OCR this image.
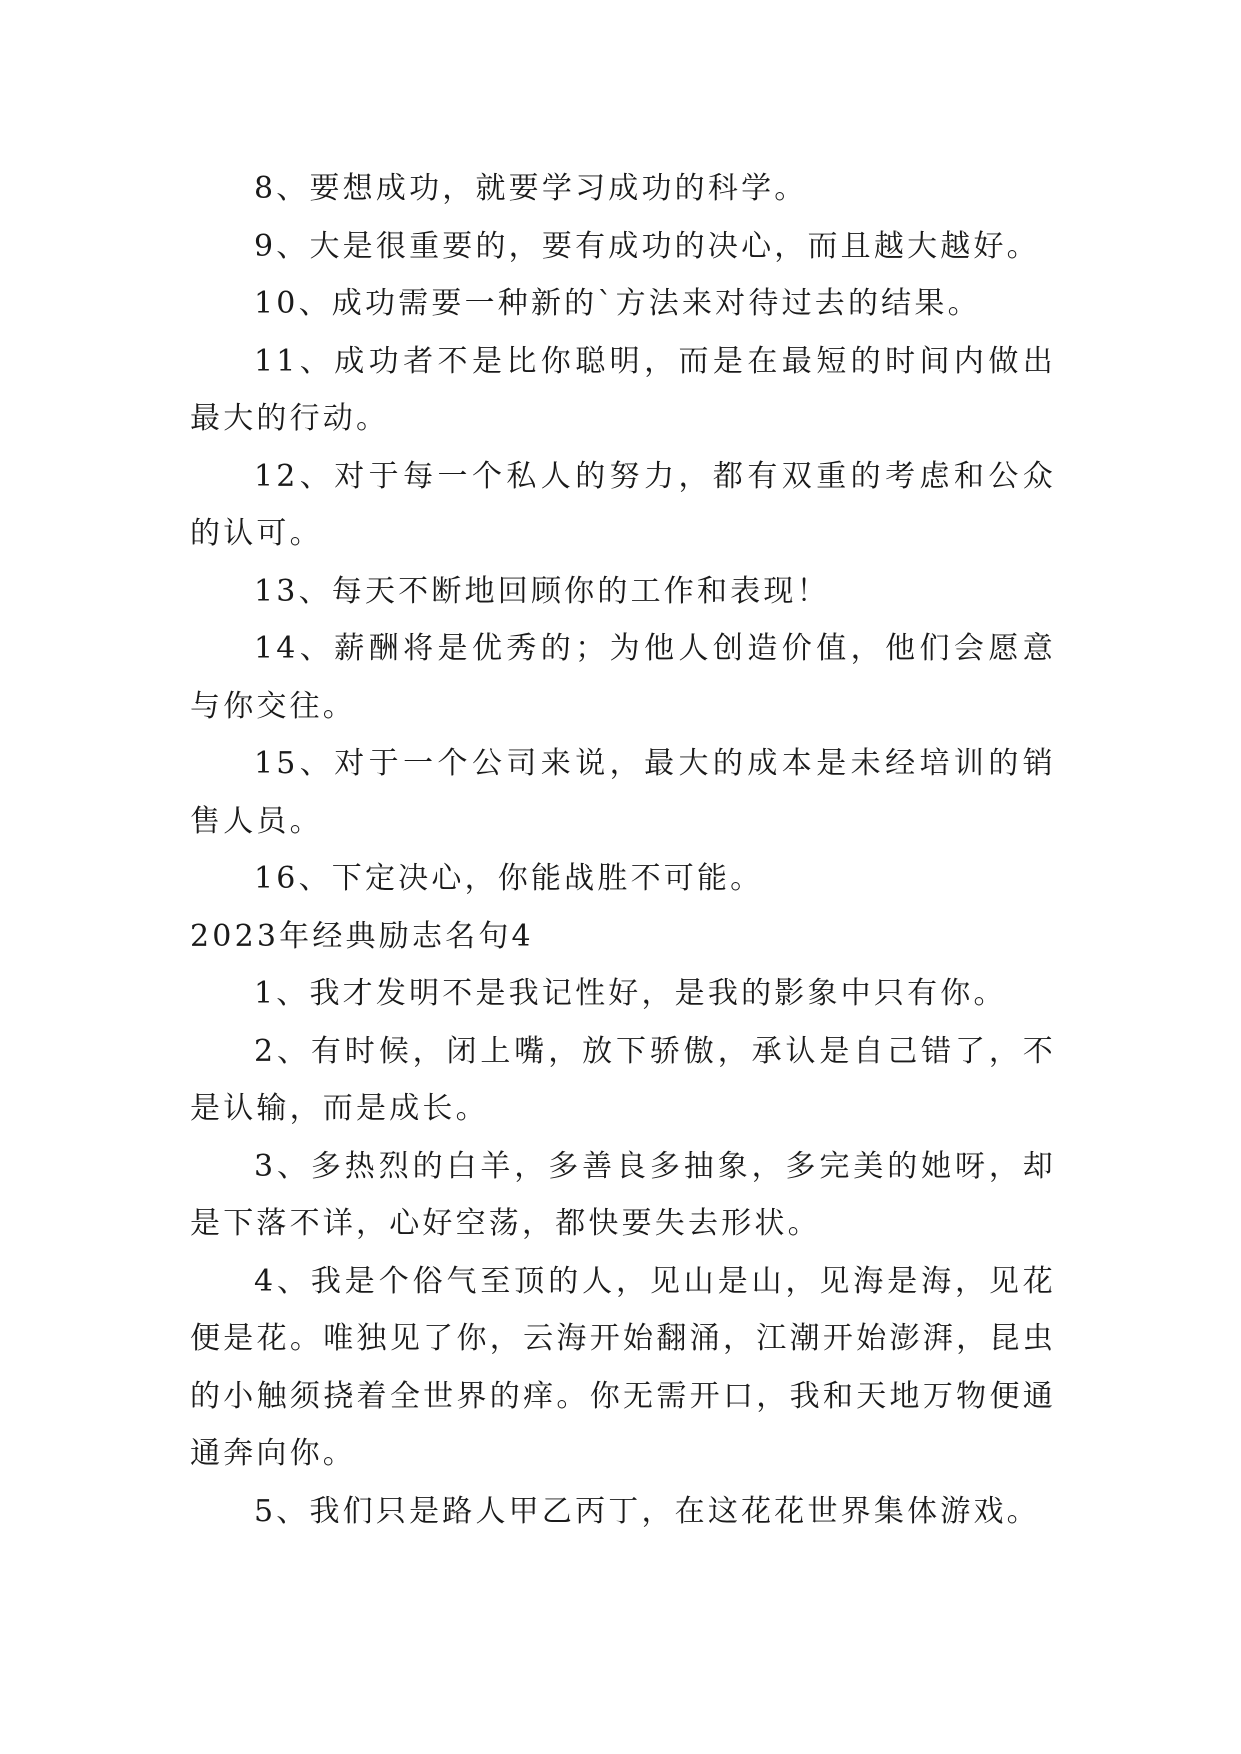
8、要想成功，就要学习成功的科学。

9、大是很重要的，要有成功的决心，而且越大越好。

10、成功需要一种新的`方法来对待过去的结果。

11、成功者不是比你聪明，而是在最短的时间内做出最大的行动。

12、对于每一个私人的努力，都有双重的考虑和公众的认可。

13、每天不断地回顾你的工作和表现！

14、薪酬将是优秀的；为他人创造价值，他们会愿意与你交往。

15、对于一个公司来说，最大的成本是未经培训的销售人员。

16、下定决心，你能战胜不可能。

2023年经典励志名句4

1、我才发明不是我记性好，是我的影象中只有你。

2、有时候，闭上嘴，放下骄傲，承认是自己错了，不是认输，而是成长。

3、多热烈的白羊，多善良多抽象，多完美的她呀，却是下落不详，心好空荡，都快要失去形状。

4、我是个俗气至顶的人，见山是山，见海是海，见花便是花。唯独见了你，云海开始翻涌，江潮开始澎湃，昆虫的小触须挠着全世界的痒。你无需开口，我和天地万物便通通奔向你。

5、我们只是路人甲乙丙丁，在这花花世界集体游戏。
